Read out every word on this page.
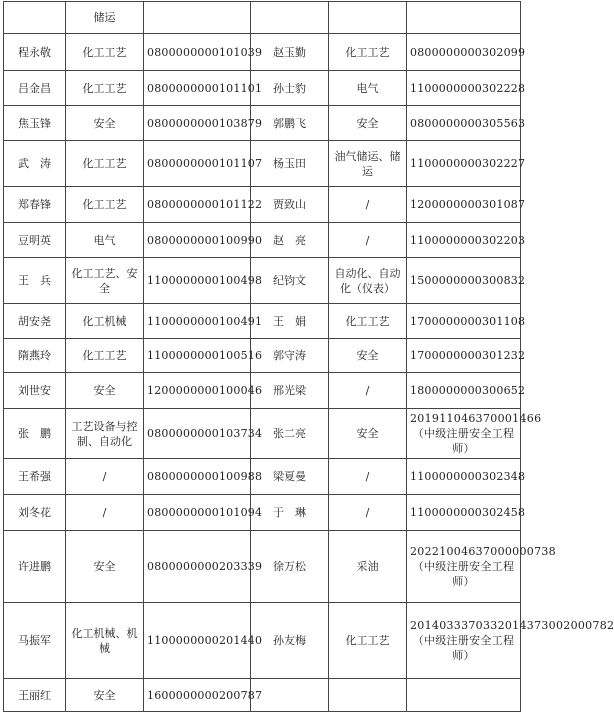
	储运				
程永敬	化工工艺	0800000000101039	赵玉勤	化工工艺	0800000000302099
吕金昌	化工工艺	0800000000101101	孙士豹	电气	1100000000302228
焦玉锋	安全	0800000000103879	郭鹏飞	安全	0800000000305563
武　涛	化工工艺	0800000000101107	杨玉田	油气储运、储运	1100000000302227
郑春锋	化工工艺	0800000000101122	贾致山	/	1200000000301087
豆明英	电气	0800000000100990	赵　亮	/	1100000000302203
王　兵	化工工艺、安全	1100000000100498	纪钧文	自动化、自动化（仪表）	1500000000300832
胡安尧	化工机械	1100000000100491	王　娟	化工工艺	1700000000301108
隋燕玲	化工工艺	1100000000100516	郭守涛	安全	1700000000301232
刘世安	安全	1200000000100046	邢光梁	/	1800000000300652
张　鹏	工艺设备与控制、自动化	0800000000103734	张二亮	安全	201911046370001466（中级注册安全工程师）
王希强	/	0800000000100988	梁夏曼	/	1100000000302348
刘冬花	/	0800000000101094	于　琳	/	1100000000302458
许进鹏	安全	0800000000203339	徐万松	采油	20221004637000000738（中级注册安全工程师）
马振军	化工机械、机械	1100000000201440	孙友梅	化工工艺	2014033370332014373002000782（中级注册安全工程师）
王丽红	安全	1600000000200787			
